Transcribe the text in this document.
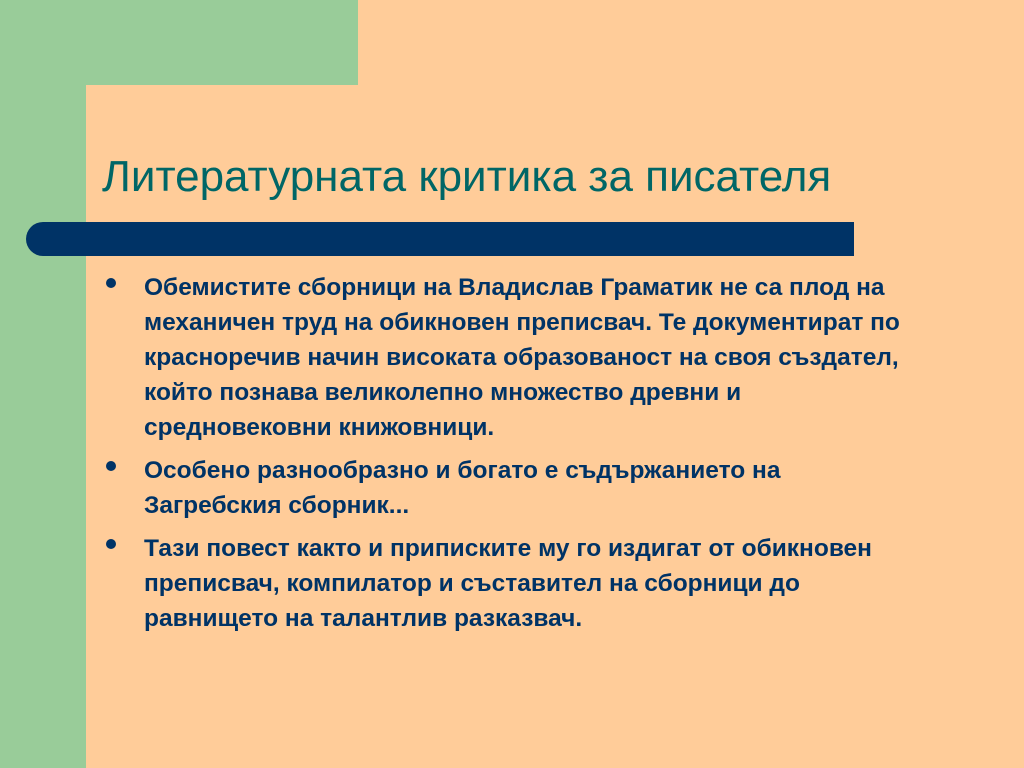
Литературната критика за писателя
Обемистите сборници на Владислав Граматик не са плод на механичен труд на обикновен преписвач. Те документират по красноречив начин високата образованост на своя създател, който познава великолепно множество древни и средновековни книжовници.
Особено разнообразно и богато е съдържанието на Загребския сборник...
Тази повест както и приписките му го издигат от обикновен преписвач, компилатор и съставител на сборници до равнището на талантлив разказвач.
